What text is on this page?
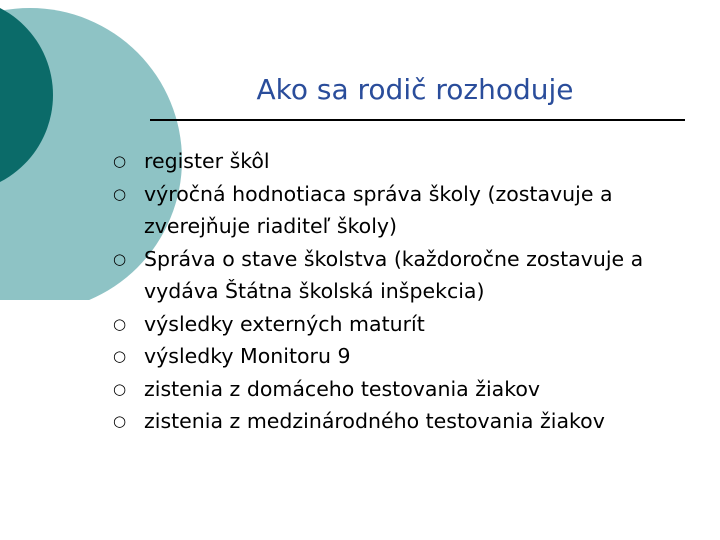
Ako sa rodič rozhoduje
○ register škôl
○ výročná hodnotiaca správa školy (zostavuje a zverejňuje riaditeľ školy)
○ Správa o stave školstva (každoročne zostavuje a vydáva Štátna školská inšpekcia)
○ výsledky externých maturít
○ výsledky Monitoru 9
○ zistenia z domáceho testovania žiakov
○ zistenia z medzinárodného testovania žiakov
